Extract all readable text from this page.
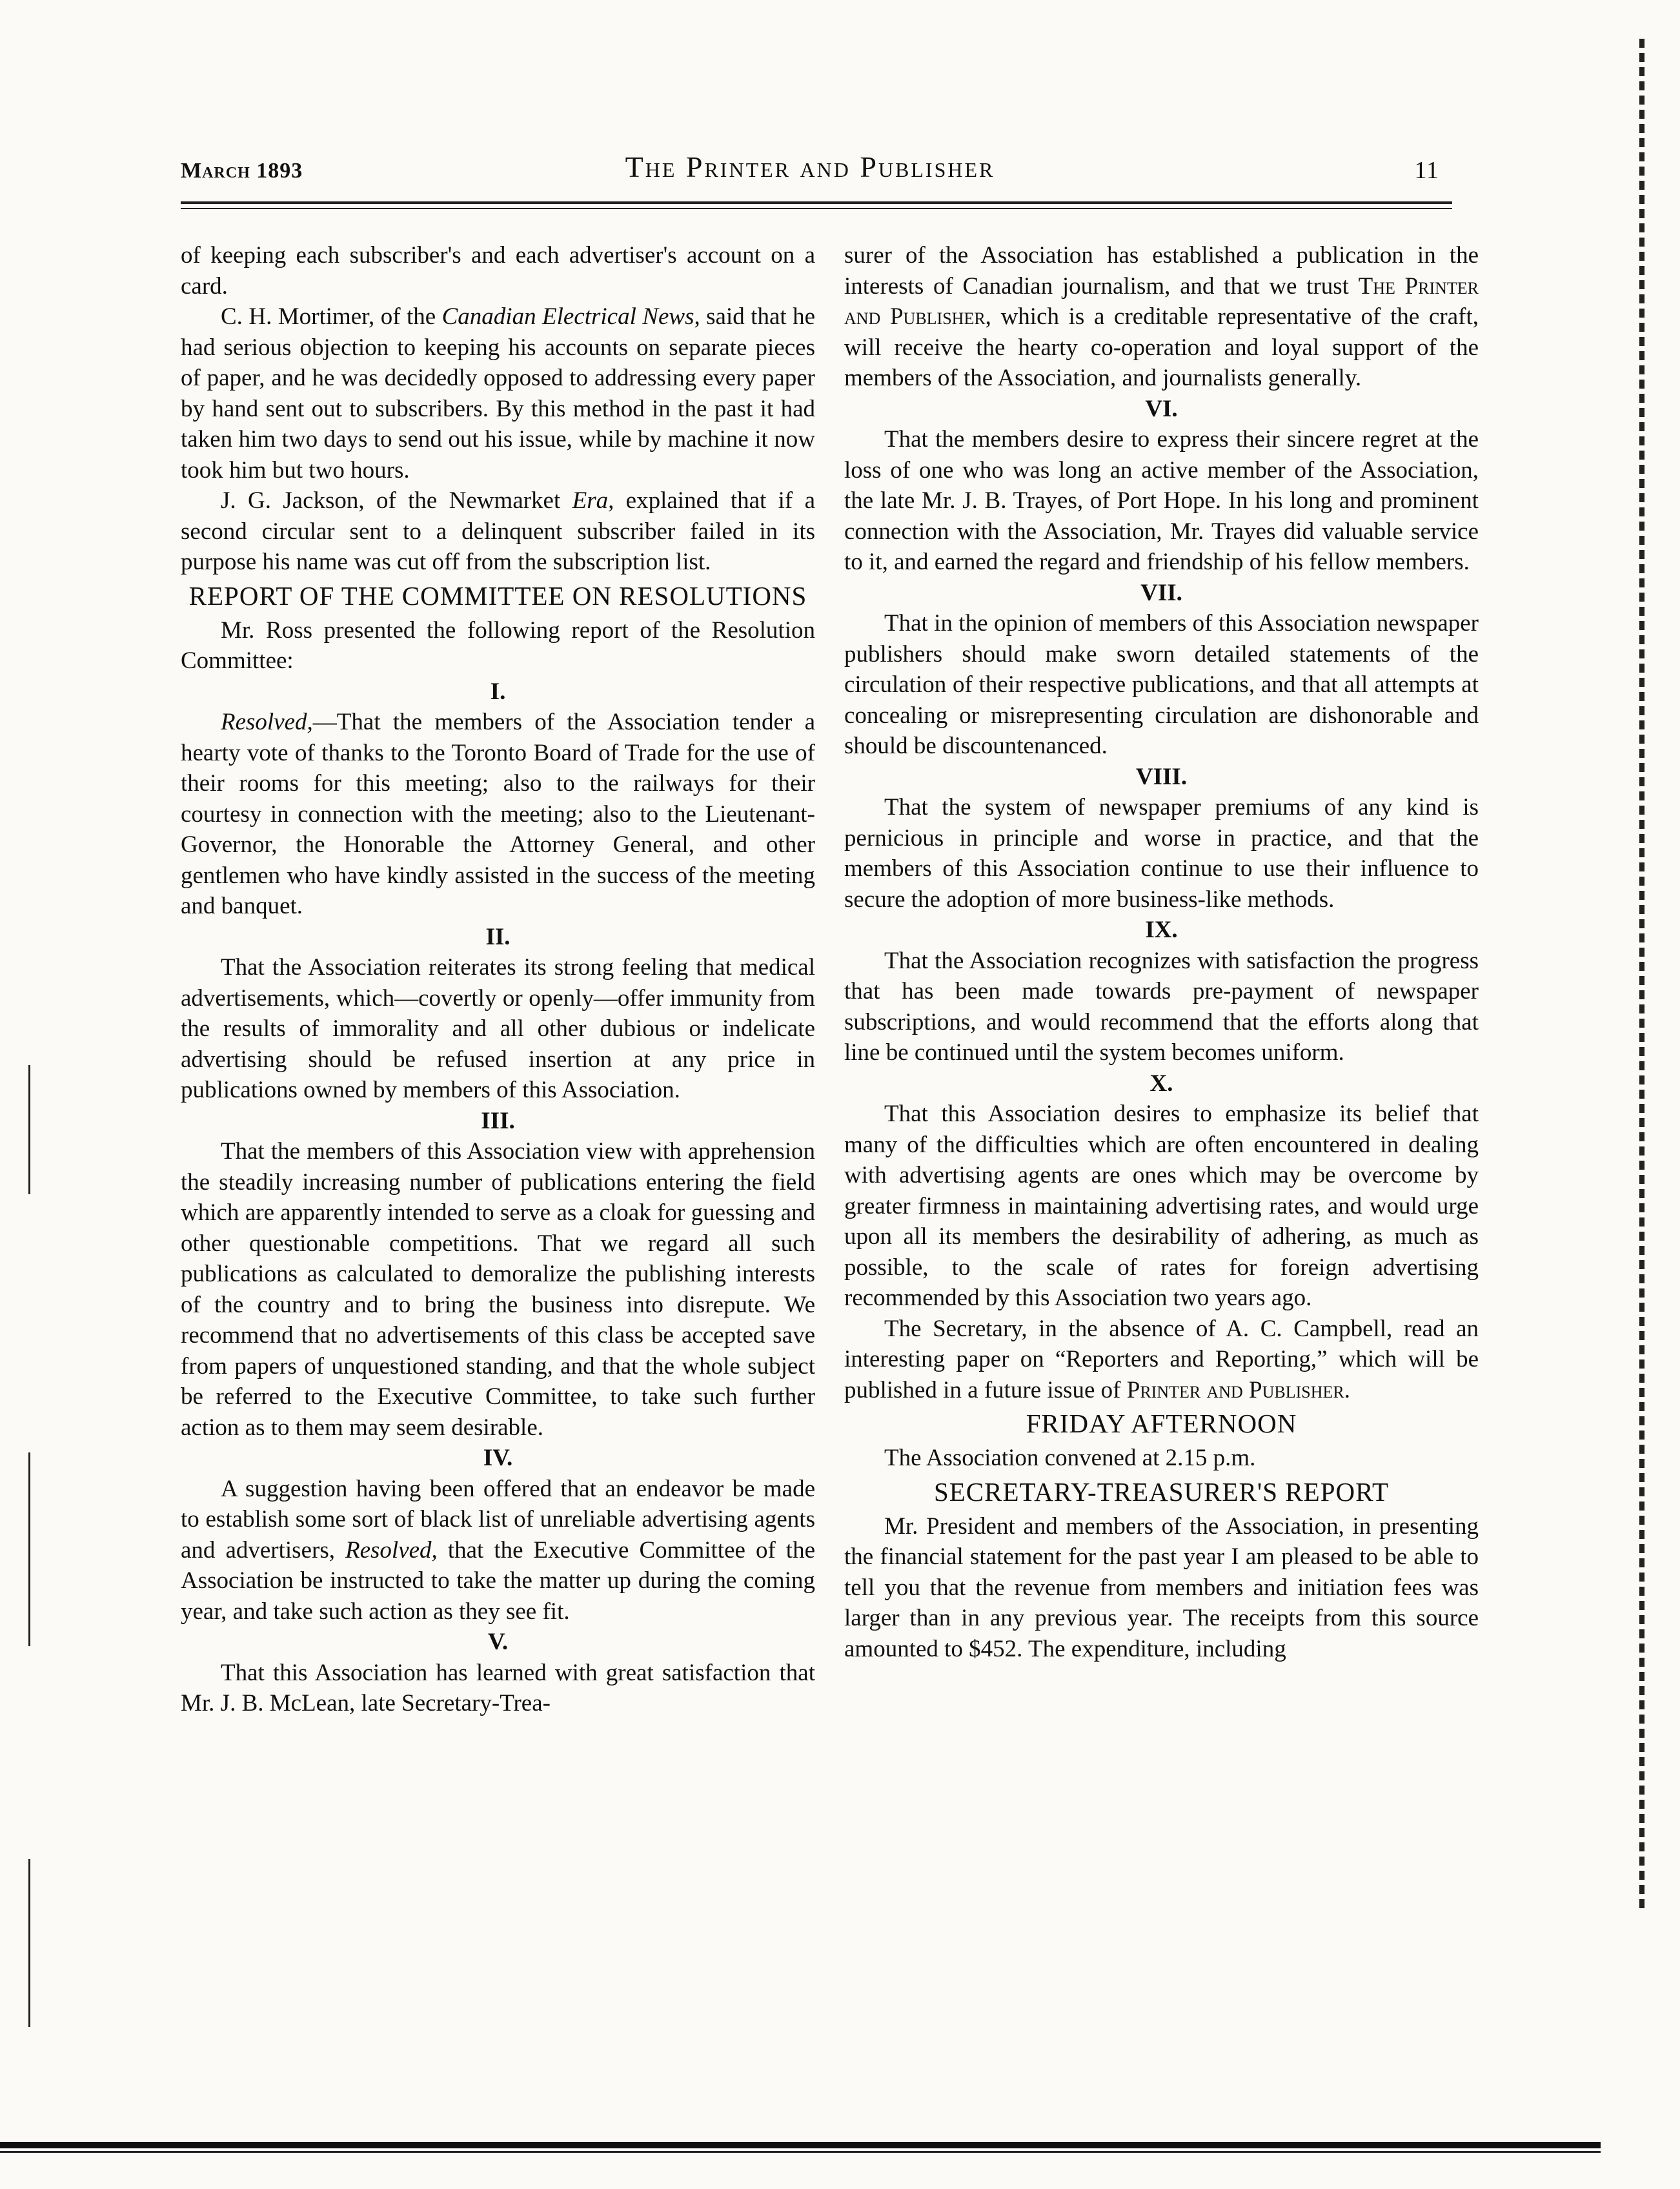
March 1893	The Printer and Publisher	11

of keeping each subscriber's and each advertiser's account on a card.

C. H. Mortimer, of the Canadian Electrical News, said that he had serious objection to keeping his accounts on separate pieces of paper, and he was decidedly opposed to addressing every paper by hand sent out to subscribers. By this method in the past it had taken him two days to send out his issue, while by machine it now took him but two hours.

J. G. Jackson, of the Newmarket Era, explained that if a second circular sent to a delinquent subscriber failed in its purpose his name was cut off from the subscription list.

REPORT OF THE COMMITTEE ON RESOLUTIONS

Mr. Ross presented the following report of the Resolution Committee:

I.

Resolved,—That the members of the Association tender a hearty vote of thanks to the Toronto Board of Trade for the use of their rooms for this meeting; also to the railways for their courtesy in connection with the meeting; also to the Lieutenant-Governor, the Honorable the Attorney General, and other gentlemen who have kindly assisted in the success of the meeting and banquet.

II.

That the Association reiterates its strong feeling that medical advertisements, which—covertly or openly—offer immunity from the results of immorality and all other dubious or indelicate advertising should be refused insertion at any price in publications owned by members of this Association.

III.

That the members of this Association view with apprehension the steadily increasing number of publications entering the field which are apparently intended to serve as a cloak for guessing and other questionable competitions. That we regard all such publications as calculated to demoralize the publishing interests of the country and to bring the business into disrepute. We recommend that no advertisements of this class be accepted save from papers of unquestioned standing, and that the whole subject be referred to the Executive Committee, to take such further action as to them may seem desirable.

IV.

A suggestion having been offered that an endeavor be made to establish some sort of black list of unreliable advertising agents and advertisers, Resolved, that the Executive Committee of the Association be instructed to take the matter up during the coming year, and take such action as they see fit.

V.

That this Association has learned with great satisfaction that Mr. J. B. McLean, late Secretary-Trea-

surer of the Association has established a publication in the interests of Canadian journalism, and that we trust The Printer and Publisher, which is a creditable representative of the craft, will receive the hearty co-operation and loyal support of the members of the Association, and journalists generally.

VI.

That the members desire to express their sincere regret at the loss of one who was long an active member of the Association, the late Mr. J. B. Trayes, of Port Hope. In his long and prominent connection with the Association, Mr. Trayes did valuable service to it, and earned the regard and friendship of his fellow members.

VII.

That in the opinion of members of this Association newspaper publishers should make sworn detailed statements of the circulation of their respective publications, and that all attempts at concealing or misrepresenting circulation are dishonorable and should be discountenanced.

VIII.

That the system of newspaper premiums of any kind is pernicious in principle and worse in practice, and that the members of this Association continue to use their influence to secure the adoption of more business-like methods.

IX.

That the Association recognizes with satisfaction the progress that has been made towards pre-payment of newspaper subscriptions, and would recommend that the efforts along that line be continued until the system becomes uniform.

X.

That this Association desires to emphasize its belief that many of the difficulties which are often encountered in dealing with advertising agents are ones which may be overcome by greater firmness in maintaining advertising rates, and would urge upon all its members the desirability of adhering, as much as possible, to the scale of rates for foreign advertising recommended by this Association two years ago.

The Secretary, in the absence of A. C. Campbell, read an interesting paper on “Reporters and Reporting,” which will be published in a future issue of Printer and Publisher.

FRIDAY AFTERNOON

The Association convened at 2.15 p.m.

SECRETARY-TREASURER'S REPORT

Mr. President and members of the Association, in presenting the financial statement for the past year I am pleased to be able to tell you that the revenue from members and initiation fees was larger than in any previous year. The receipts from this source amounted to $452. The expenditure, including
